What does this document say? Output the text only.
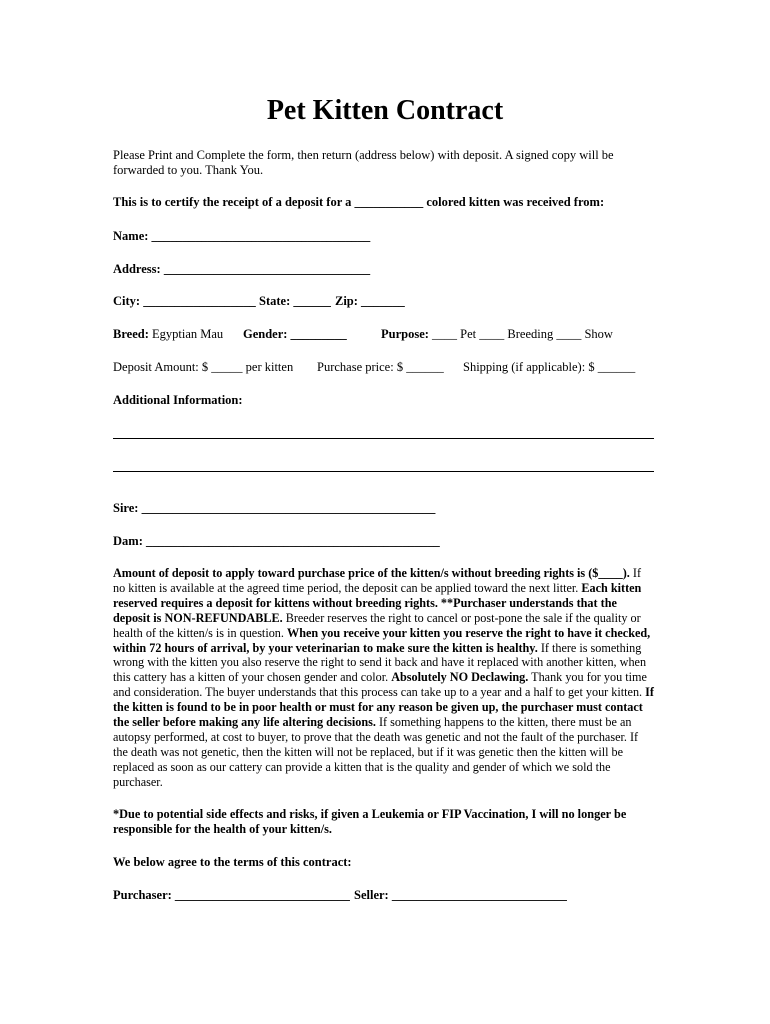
Pet Kitten Contract
Please Print and Complete the form, then return (address below) with deposit. A signed copy will be forwarded to you. Thank You.
This is to certify the receipt of a deposit for a ___________ colored kitten was received from:
Name: ___________________________________
Address: _________________________________
City: __________________ State: ______ Zip: _______
Breed: Egyptian Mau Gender: _________	Purpose: ____ Pet ____ Breeding ____ Show
Deposit Amount: $ _____ per kitten Purchase price: $ ______ Shipping (if applicable): $ ______
Additional Information:
Sire: _______________________________________________
Dam: _______________________________________________
Amount of deposit to apply toward purchase price of the kitten/s without breeding rights is ($____). If no kitten is available at the agreed time period, the deposit can be applied toward the next litter. Each kitten reserved requires a deposit for kittens without breeding rights. **Purchaser understands that the deposit is NON-REFUNDABLE. Breeder reserves the right to cancel or post-pone the sale if the quality or health of the kitten/s is in question. When you receive your kitten you reserve the right to have it checked, within 72 hours of arrival, by your veterinarian to make sure the kitten is healthy. If there is something wrong with the kitten you also reserve the right to send it back and have it replaced with another kitten, when this cattery has a kitten of your chosen gender and color. Absolutely NO Declawing. Thank you for you time and consideration. The buyer understands that this process can take up to a year and a half to get your kitten. If the kitten is found to be in poor health or must for any reason be given up, the purchaser must contact the seller before making any life altering decisions. If something happens to the kitten, there must be an autopsy performed, at cost to buyer, to prove that the death was genetic and not the fault of the purchaser. If the death was not genetic, then the kitten will not be replaced, but if it was genetic then the kitten will be replaced as soon as our cattery can provide a kitten that is the quality and gender of which we sold the purchaser.
*Due to potential side effects and risks, if given a Leukemia or FIP Vaccination, I will no longer be responsible for the health of your kitten/s.
We below agree to the terms of this contract:
Purchaser: ____________________________ Seller: ____________________________
